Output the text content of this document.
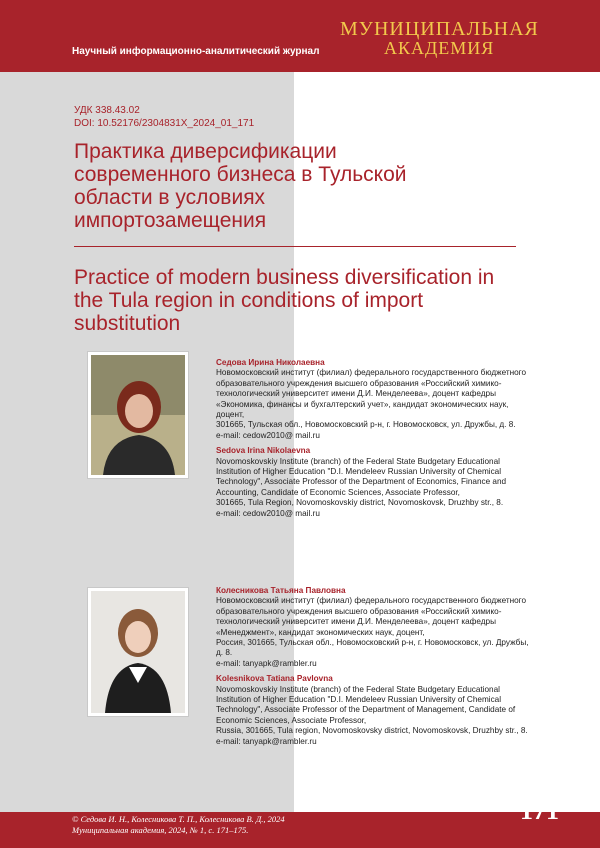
Научный информационно-аналитический журнал
МУНИЦИПАЛЬНАЯ
АКАДЕМИЯ
УДК 338.43.02
DOI: 10.52176/2304831X_2024_01_171
Практика диверсификации современного бизнеса в Тульской области в условиях импортозамещения
Practice of modern business diversification in the Tula region in conditions of import substitution
Седова Ирина Николаевна
Новомосковский институт (филиал) федерального государственного бюджетного образовательного учреждения высшего образования «Российский химико-технологический университет имени Д.И. Менделеева», доцент кафедры «Экономика, финансы и бухгалтерский учет», кандидат экономических наук, доцент,
301665, Тульская обл., Новомосковский р-н, г. Новомосковск, ул. Дружбы, д. 8.
e-mail: cedow2010@ mail.ru
Sedova Irina Nikolaevna
Novomoskovskiy Institute (branch) of the Federal State Budgetary Educational Institution of Higher Education "D.I. Mendeleev Russian University of Chemical Technology", Associate Professor of the Department of Economics, Finance and Accounting, Candidate of Economic Sciences, Associate Professor,
301665, Tula Region, Novomoskovskiy district, Novomoskovsk, Druzhby str., 8.
e-mail: cedow2010@ mail.ru
Колесникова Татьяна Павловна
Новомосковский институт (филиал) федерального государственного бюджетного образовательного учреждения высшего образования «Российский химико-технологический университет имени Д.И. Менделеева», доцент кафедры «Менеджмент», кандидат экономических наук, доцент,
Россия, 301665, Тульская обл., Новомосковский р-н, г. Новомосковск, ул. Дружбы, д. 8.
e-mail: tanyapk@rambler.ru
Kolesnikova Tatiana Pavlovna
Novomoskovskiy Institute (branch) of the Federal State Budgetary Educational Institution of Higher Education "D.I. Mendeleev Russian University of Chemical Technology", Associate Professor of the Department of Management, Candidate of Economic Sciences, Associate Professor,
Russia, 301665, Tula region, Novomoskovsky district, Novomoskovsk, Druzhby str., 8.
e-mail: tanyapk@rambler.ru
© Седова И. Н., Колесникова Т. П., Колесникова В. Д., 2024
Муниципальная академия, 2024, № 1, с. 171–175.
171
